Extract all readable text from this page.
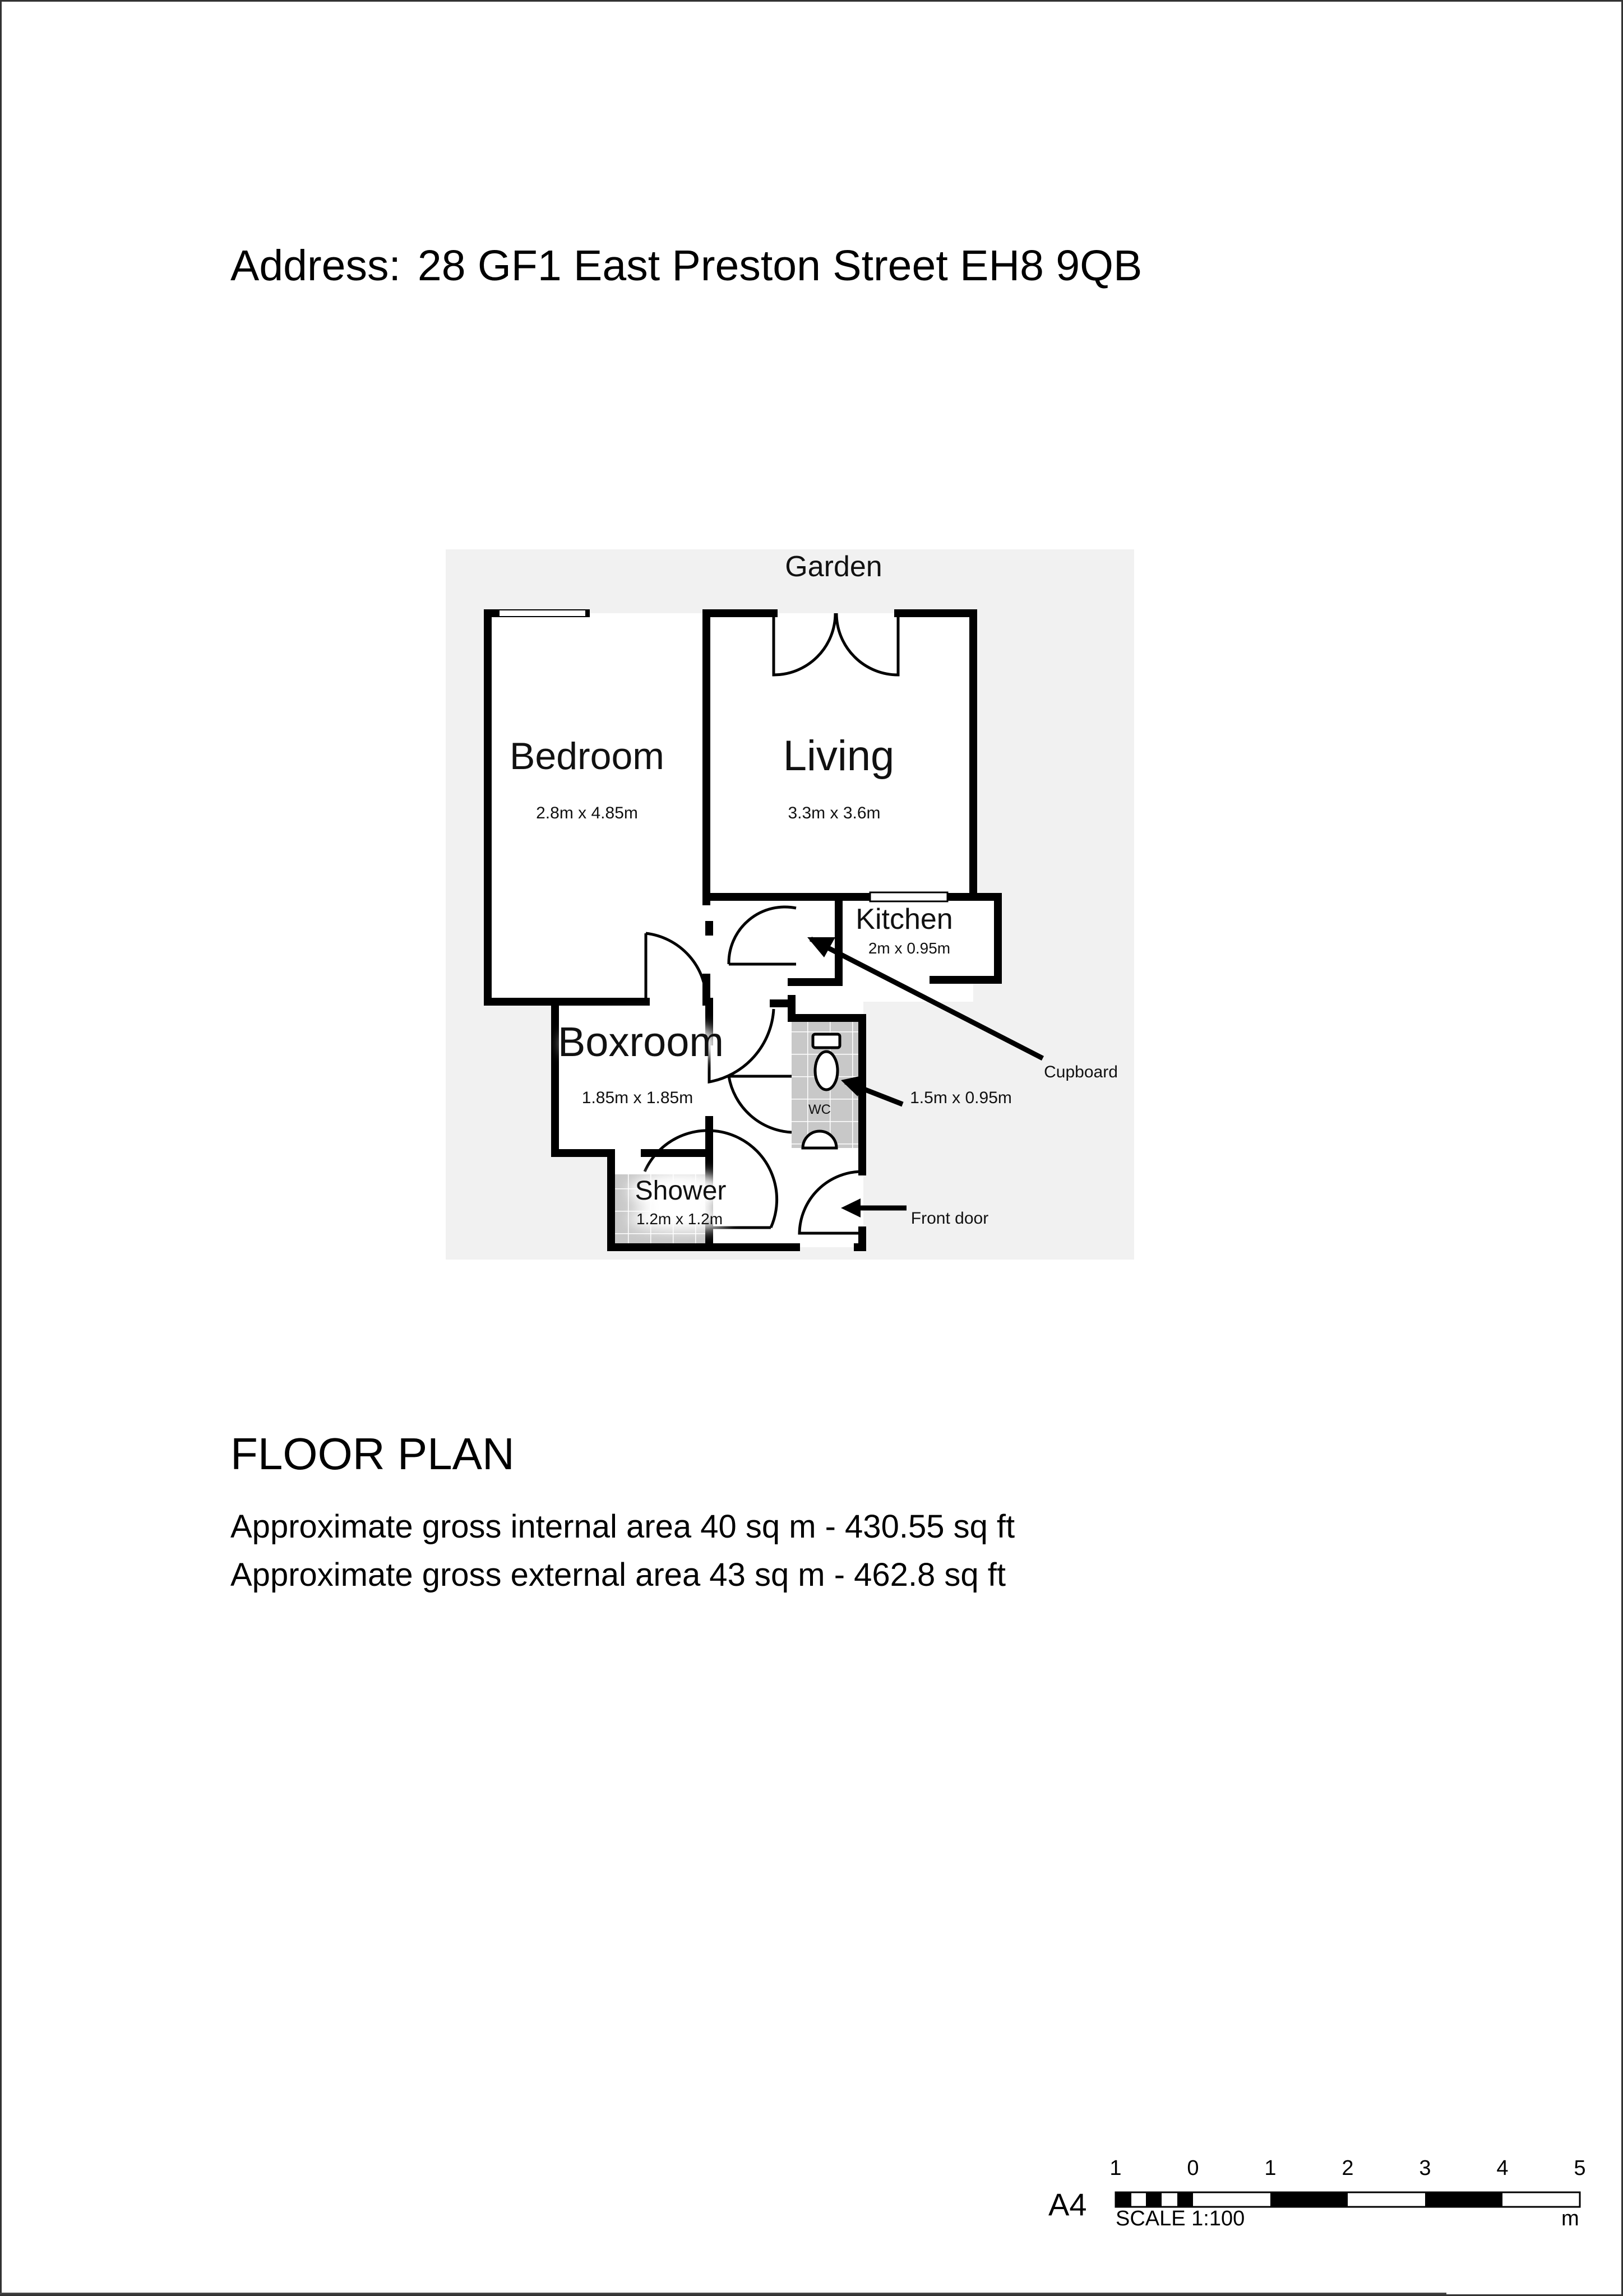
Address: 28 GF1 East Preston Street EH8 9QB
Garden
Bedroom
2.8m x 4.85m
Living
3.3m x 3.6m
Kitchen
2m x 0.95m
Boxroom
1.85m x 1.85m
WC
1.5m x 0.95m
Shower
1.2m x 1.2m
Cupboard
Front door
1	0	1	2	3	4	5
A4 SCALE 1:100	m
FLOOR PLAN
Approximate gross internal area 40 sq m - 430.55 sq ft
Approximate gross external area 43 sq m - 462.8 sq ft
